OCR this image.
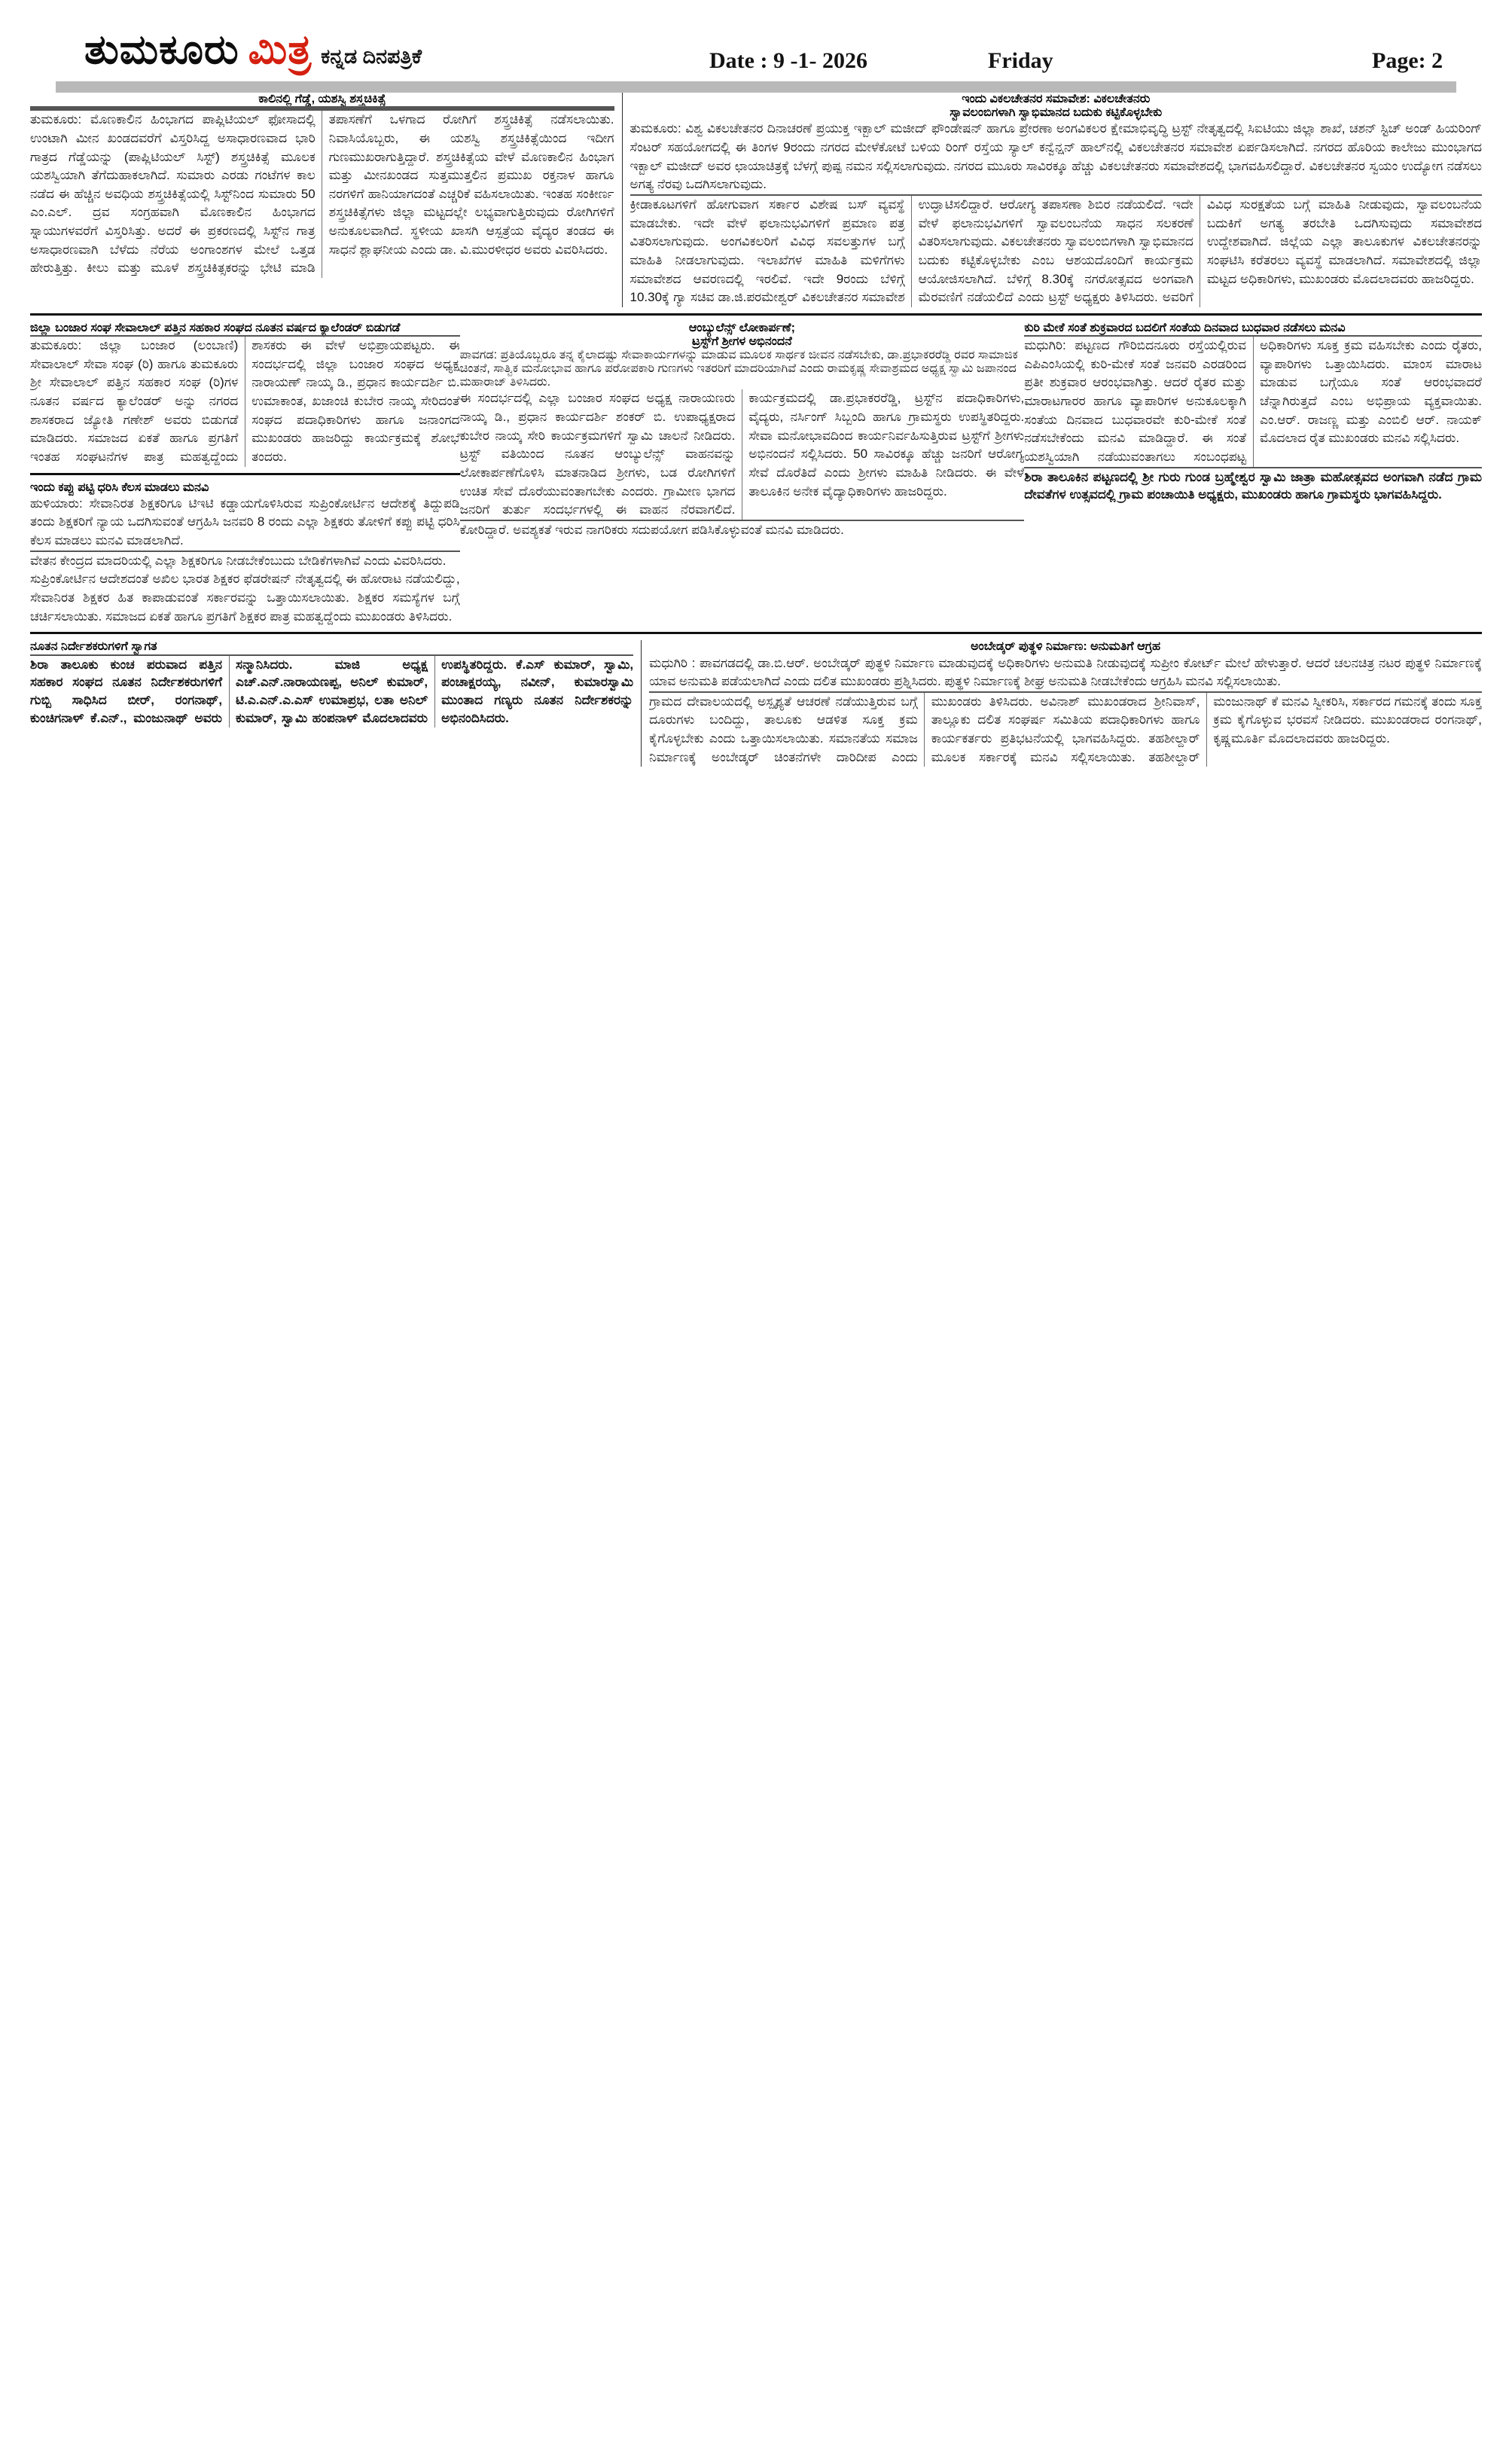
ತುಮಕೂರು ಮಿತ್ರ ಕನ್ನಡ ದಿನಪತ್ರಿಕೆ	Date : 9 -1- 2026	Friday	Page: 2
ಕಾಲಿನಲ್ಲಿ ಗೆಡ್ಡೆ, ಯಶಸ್ವಿ ಶಸ್ತ್ರಚಿಕಿತ್ಸೆ
ತುಮಕೂರು: ಮೊಣಕಾಲಿನ ಹಿಂಭಾಗದ ಪಾಪ್ಲಿಟಿಯಲ್ ಫೋಸಾದಲ್ಲಿ ಉಂಟಾಗಿ ಮೀನ ಖಂಡದವರೆಗೆ ವಿಸ್ತರಿಸಿದ್ದ ಅಸಾಧಾರಣವಾದ ಭಾರಿ ಗಾತ್ರದ ಗೆಡ್ಡೆಯನ್ನು (ಪಾಪ್ಲಿಟಿಯಲ್ ಸಿಸ್ಟ್) ಶಸ್ತ್ರಚಿಕಿತ್ಸೆ ಮೂಲಕ ಯಶಸ್ವಿಯಾಗಿ ತೆಗೆದುಹಾಕಲಾಗಿದೆ. ಸುಮಾರು ಎರಡು ಗಂಟೆಗಳ ಕಾಲ ನಡೆದ ಈ ಹೆಚ್ಚಿನ ಅವಧಿಯ ಶಸ್ತ್ರಚಿಕಿತ್ಸೆಯಲ್ಲಿ ಸಿಸ್ಟ್‌ನಿಂದ ಸುಮಾರು 50 ಎಂ.ಎಲ್. ದ್ರವ ಸಂಗ್ರಹವಾಗಿ ಮೊಣಕಾಲಿನ ಹಿಂಭಾಗದ ಸ್ನಾಯುಗಳವರೆಗೆ ವಿಸ್ತರಿಸಿತ್ತು. ಅದರೆ ಈ ಪ್ರಕರಣದಲ್ಲಿ ಸಿಸ್ಟ್‌ನ ಗಾತ್ರ ಅಸಾಧಾರಣವಾಗಿ ಬೆಳೆದು ನೆರೆಯ ಅಂಗಾಂಶಗಳ ಮೇಲೆ ಒತ್ತಡ ಹೇರುತ್ತಿತ್ತು. ಕೀಲು ಮತ್ತು ಮೂಳೆ ಶಸ್ತ್ರಚಿಕಿತ್ಸಕರನ್ನು ಭೇಟಿ ಮಾಡಿ ತಪಾಸಣೆಗೆ ಒಳಗಾದ ರೋಗಿಗೆ ಶಸ್ತ್ರಚಿಕಿತ್ಸೆ ನಡೆಸಲಾಯಿತು. ನಿವಾಸಿಯೊಬ್ಬರು, ಈ ಯಶಸ್ವಿ ಶಸ್ತ್ರಚಿಕಿತ್ಸೆಯಿಂದ ಇದೀಗ ಗುಣಮುಖರಾಗುತ್ತಿದ್ದಾರೆ. ಶಸ್ತ್ರಚಿಕಿತ್ಸೆಯ ವೇಳೆ ಮೊಣಕಾಲಿನ ಹಿಂಭಾಗ ಮತ್ತು ಮೀನಖಂಡದ ಸುತ್ತಮುತ್ತಲಿನ ಪ್ರಮುಖ ರಕ್ತನಾಳ ಹಾಗೂ ನರಗಳಿಗೆ ಹಾನಿಯಾಗದಂತೆ ಎಚ್ಚರಿಕೆ ವಹಿಸಲಾಯಿತು. ಇಂತಹ ಸಂಕೀರ್ಣ ಶಸ್ತ್ರಚಿಕಿತ್ಸೆಗಳು ಜಿಲ್ಲಾ ಮಟ್ಟದಲ್ಲೇ ಲಭ್ಯವಾಗುತ್ತಿರುವುದು ರೋಗಿಗಳಿಗೆ ಅನುಕೂಲವಾಗಿದೆ. ಸ್ಥಳೀಯ ಖಾಸಗಿ ಆಸ್ಪತ್ರೆಯ ವೈದ್ಯರ ತಂಡದ ಈ ಸಾಧನೆ ಶ್ಲಾಘನೀಯ ಎಂದು ಡಾ. ವಿ.ಮುರಳೀಧರ ಅವರು ವಿವರಿಸಿದರು.
ಇಂದು ವಿಕಲಚೇತನರ ಸಮಾವೇಶ: ವಿಕಲಚೇತನರು
ಸ್ವಾವಲಂಬಿಗಳಾಗಿ ಸ್ವಾಭಿಮಾನದ ಬದುಕು ಕಟ್ಟಿಕೊಳ್ಳಬೇಕು
ತುಮಕೂರು: ವಿಶ್ವ ವಿಕಲಚೇತನರ ದಿನಾಚರಣೆ ಪ್ರಯುಕ್ತ ಇಕ್ಬಾಲ್ ಮಜೀದ್ ಫೌಂಡೇಷನ್ ಹಾಗೂ ಪ್ರೇರಣಾ ಅಂಗವಿಕಲರ ಕ್ಷೇಮಾಭಿವೃದ್ಧಿ ಟ್ರಸ್ಟ್ ನೇತೃತ್ವದಲ್ಲಿ ಸಿಐಟಿಯು ಜಿಲ್ಲಾ ಶಾಖೆ, ಚಶನ್ ಸ್ಟಿಚ್ ಅಂಡ್ ಹಿಯರಿಂಗ್ ಸೆಂಟರ್ ಸಹಯೋಗದಲ್ಲಿ ಈ ತಿಂಗಳ 9ರಂದು ನಗರದ ಮೇಳೆಕೋಟೆ ಬಳಿಯ ರಿಂಗ್ ರಸ್ತೆಯ ಸ್ಯಾಲ್ ಕನ್ವೆನ್ಷನ್ ಹಾಲ್‌ನಲ್ಲಿ ವಿಕಲಚೇತನರ ಸಮಾವೇಶ ಏರ್ಪಡಿಸಲಾಗಿದೆ. ನಗರದ ಹೊರಿಯ ಕಾಲೇಜು ಮುಂಭಾಗದ ಇಕ್ಬಾಲ್ ಮಜೀದ್ ಅವರ ಛಾಯಾಚಿತ್ರಕ್ಕೆ ಬೆಳಗ್ಗೆ ಪುಷ್ಪ ನಮನ ಸಲ್ಲಿಸಲಾಗುವುದು. ನಗರದ ಮುೂರು ಸಾವಿರಕ್ಕೂ ಹೆಚ್ಚು ವಿಕಲಚೇತನರು ಸಮಾವೇಶದಲ್ಲಿ ಭಾಗವಹಿಸಲಿದ್ದಾರೆ. ವಿಕಲಚೇತನರ ಸ್ವಯಂ ಉದ್ಯೋಗ ನಡೆಸಲು ಅಗತ್ಯ ನೆರವು ಒದಗಿಸಲಾಗುವುದು.
ಕ್ರೀಡಾಕೂಟಗಳಿಗೆ ಹೋಗುವಾಗ ಸರ್ಕಾರ ವಿಶೇಷ ಬಸ್ ವ್ಯವಸ್ಥೆ ಮಾಡಬೇಕು. ಇದೇ ವೇಳೆ ಫಲಾನುಭವಿಗಳಿಗೆ ಪ್ರಮಾಣ ಪತ್ರ ವಿತರಿಸಲಾಗುವುದು. ಅಂಗವಿಕಲರಿಗೆ ವಿವಿಧ ಸವಲತ್ತುಗಳ ಬಗ್ಗೆ ಮಾಹಿತಿ ನೀಡಲಾಗುವುದು. ಇಲಾಖೆಗಳ ಮಾಹಿತಿ ಮಳಿಗೆಗಳು ಸಮಾವೇಶದ ಆವರಣದಲ್ಲಿ ಇರಲಿವೆ. ಇದೇ 9ರಂದು ಬೆಳಿಗ್ಗೆ 10.30ಕ್ಕೆ ಗ್ಯಾ ಸಚಿವ ಡಾ.ಜಿ.ಪರಮೇಶ್ವರ್ ವಿಕಲಚೇತನರ ಸಮಾವೇಶ ಉದ್ಘಾಟಿಸಲಿದ್ದಾರೆ. ಆರೋಗ್ಯ ತಪಾಸಣಾ ಶಿಬಿರ ನಡೆಯಲಿದೆ. ಇದೇ ವೇಳೆ ಫಲಾನುಭವಿಗಳಿಗೆ ಸ್ವಾವಲಂಬನೆಯ ಸಾಧನ ಸಲಕರಣೆ ವಿತರಿಸಲಾಗುವುದು. ವಿಕಲಚೇತನರು ಸ್ವಾವಲಂಬಿಗಳಾಗಿ ಸ್ವಾಭಿಮಾನದ ಬದುಕು ಕಟ್ಟಿಕೊಳ್ಳಬೇಕು ಎಂಬ ಆಶಯದೊಂದಿಗೆ ಕಾರ್ಯಕ್ರಮ ಆಯೋಜಿಸಲಾಗಿದೆ. ಬೆಳಿಗ್ಗೆ 8.30ಕ್ಕೆ ನಗರೋತ್ಸವದ ಅಂಗವಾಗಿ ಮೆರವಣಿಗೆ ನಡೆಯಲಿದೆ ಎಂದು ಟ್ರಸ್ಟ್ ಅಧ್ಯಕ್ಷರು ತಿಳಿಸಿದರು. ಅವರಿಗೆ ವಿವಿಧ ಸುರಕ್ಷತೆಯ ಬಗ್ಗೆ ಮಾಹಿತಿ ನೀಡುವುದು, ಸ್ವಾವಲಂಬನೆಯ ಬದುಕಿಗೆ ಅಗತ್ಯ ತರಬೇತಿ ಒದಗಿಸುವುದು ಸಮಾವೇಶದ ಉದ್ದೇಶವಾಗಿದೆ. ಜಿಲ್ಲೆಯ ಎಲ್ಲಾ ತಾಲೂಕುಗಳ ವಿಕಲಚೇತನರನ್ನು ಸಂಘಟಿಸಿ ಕರೆತರಲು ವ್ಯವಸ್ಥೆ ಮಾಡಲಾಗಿದೆ. ಸಮಾವೇಶದಲ್ಲಿ ಜಿಲ್ಲಾ ಮಟ್ಟದ ಅಧಿಕಾರಿಗಳು, ಮುಖಂಡರು ಮೊದಲಾದವರು ಹಾಜರಿದ್ದರು.
ಜಿಲ್ಲಾ ಬಂಜಾರ ಸಂಘ ಸೇವಾಲಾಲ್ ಪತ್ತಿನ ಸಹಕಾರ ಸಂಘದ ನೂತನ ವರ್ಷದ ಕ್ಯಾಲೆಂಡರ್ ಬಿಡುಗಡೆ
ತುಮಕೂರು: ಜಿಲ್ಲಾ ಬಂಜಾರ (ಲಂಬಾಣಿ) ಸೇವಾಲಾಲ್ ಸೇವಾ ಸಂಘ (ರಿ) ಹಾಗೂ ತುಮಕೂರು ಶ್ರೀ ಸೇವಾಲಾಲ್ ಪತ್ತಿನ ಸಹಕಾರ ಸಂಘ (ರಿ)ಗಳ ನೂತನ ವರ್ಷದ ಕ್ಯಾಲೆಂಡರ್ ಅನ್ನು ನಗರದ ಶಾಸಕರಾದ ಜ್ಯೋತಿ ಗಣೇಶ್ ಅವರು ಬಿಡುಗಡೆ ಮಾಡಿದರು. ಸಮಾಜದ ಏಕತೆ ಹಾಗೂ ಪ್ರಗತಿಗೆ ಇಂತಹ ಸಂಘಟನೆಗಳ ಪಾತ್ರ ಮಹತ್ವದ್ದೆಂದು ಶಾಸಕರು ಈ ವೇಳೆ ಅಭಿಪ್ರಾಯಪಟ್ಟರು. ಈ ಸಂದರ್ಭದಲ್ಲಿ ಜಿಲ್ಲಾ ಬಂಜಾರ ಸಂಘದ ಅಧ್ಯಕ್ಷ ನಾರಾಯಣ್ ನಾಯ್ಕ ಡಿ., ಪ್ರಧಾನ ಕಾರ್ಯದರ್ಶಿ ಬಿ. ಉಮಾಕಾಂತ, ಖಜಾಂಚಿ ಕುಬೇರ ನಾಯ್ಕ ಸೇರಿದಂತೆ ಸಂಘದ ಪದಾಧಿಕಾರಿಗಳು ಹಾಗೂ ಜನಾಂಗದ ಮುಖಂಡರು ಹಾಜರಿದ್ದು ಕಾರ್ಯಕ್ರಮಕ್ಕೆ ಶೋಭೆ ತಂದರು.
ಇಂದು ಕಪ್ಪು ಪಟ್ಟಿ ಧರಿಸಿ ಕೆಲಸ ಮಾಡಲು ಮನವಿ
ಹುಳಿಯಾರು: ಸೇವಾನಿರತ ಶಿಕ್ಷಕರಿಗೂ ಟಿಇಟಿ ಕಡ್ಡಾಯಗೊಳಿಸಿರುವ ಸುಪ್ರಿಂಕೋರ್ಟಿನ ಆದೇಶಕ್ಕೆ ತಿದ್ದುಪಡಿ ತಂದು ಶಿಕ್ಷಕರಿಗೆ ನ್ಯಾಯ ಒದಗಿಸುವಂತೆ ಆಗ್ರಹಿಸಿ ಜನವರಿ 8 ರಂದು ಎಲ್ಲಾ ಶಿಕ್ಷಕರು ತೋಳಿಗೆ ಕಪ್ಪು ಪಟ್ಟಿ ಧರಿಸಿ ಕೆಲಸ ಮಾಡಲು ಮನವಿ ಮಾಡಲಾಗಿದೆ.
ವೇತನ ಕೇಂದ್ರದ ಮಾದರಿಯಲ್ಲಿ ಎಲ್ಲಾ ಶಿಕ್ಷಕರಿಗೂ ನೀಡಬೇಕೆಂಬುದು ಬೇಡಿಕೆಗಳಾಗಿವೆ ಎಂದು ವಿವರಿಸಿದರು.
ಸುಪ್ರಿಂಕೋರ್ಟಿನ ಆದೇಶದಂತೆ ಅಖಿಲ ಭಾರತ ಶಿಕ್ಷಕರ ಫೆಡರೇಷನ್ ನೇತೃತ್ವದಲ್ಲಿ ಈ ಹೋರಾಟ ನಡೆಯಲಿದ್ದು, ಸೇವಾನಿರತ ಶಿಕ್ಷಕರ ಹಿತ ಕಾಪಾಡುವಂತೆ ಸರ್ಕಾರವನ್ನು ಒತ್ತಾಯಿಸಲಾಯಿತು. ಶಿಕ್ಷಕರ ಸಮಸ್ಯೆಗಳ ಬಗ್ಗೆ ಚರ್ಚಿಸಲಾಯಿತು. ಸಮಾಜದ ಏಕತೆ ಹಾಗೂ ಪ್ರಗತಿಗೆ ಶಿಕ್ಷಕರ ಪಾತ್ರ ಮಹತ್ವದ್ದೆಂದು ಮುಖಂಡರು ತಿಳಿಸಿದರು.
ಆಂಬ್ಯುಲೆನ್ಸ್ ಲೋಕಾರ್ಪಣೆ;
ಟ್ರಸ್ಟ್‌ಗೆ ಶ್ರೀಗಳ ಅಭಿನಂದನೆ
ಪಾವಗಡ: ಪ್ರತಿಯೊಬ್ಬರೂ ತನ್ನ ಕೈಲಾದಷ್ಟು ಸೇವಾಕಾರ್ಯಗಳನ್ನು ಮಾಡುವ ಮೂಲಕ ಸಾರ್ಥಕ ಜೀವನ ನಡೆಸಬೇಕು, ಡಾ.ಪ್ರಭಾಕರರೆಡ್ಡಿ ರವರ ಸಾಮಾಜಿಕ ಚಿಂತನೆ, ಸಾತ್ವಿಕ ಮನೋಭಾವ ಹಾಗೂ ಪರೋಪಕಾರಿ ಗುಣಗಳು ಇತರರಿಗೆ ಮಾದರಿಯಾಗಿವೆ ಎಂದು ರಾಮಕೃಷ್ಣ ಸೇವಾಶ್ರಮದ ಅಧ್ಯಕ್ಷ ಸ್ವಾಮಿ ಜಪಾನಂದ ಮಹಾರಾಜ್ ತಿಳಿಸಿದರು.
ಈ ಸಂದರ್ಭದಲ್ಲಿ ಎಲ್ಲಾ ಬಂಜಾರ ಸಂಘದ ಅಧ್ಯಕ್ಷ ನಾರಾಯಣರು ನಾಯ್ಕ ಡಿ., ಪ್ರಧಾನ ಕಾರ್ಯದರ್ಶಿ ಶಂಕರ್ ಬಿ. ಉಪಾಧ್ಯಕ್ಷರಾದ ಕುಬೇರ ನಾಯ್ಕ ಸೇರಿ ಕಾರ್ಯಕ್ರಮಗಳಿಗೆ ಸ್ವಾಮಿ ಚಾಲನೆ ನೀಡಿದರು. ಟ್ರಸ್ಟ್ ವತಿಯಿಂದ ನೂತನ ಆಂಬ್ಯುಲೆನ್ಸ್ ವಾಹನವನ್ನು ಲೋಕಾರ್ಪಣೆಗೊಳಿಸಿ ಮಾತನಾಡಿದ ಶ್ರೀಗಳು, ಬಡ ರೋಗಿಗಳಿಗೆ ಉಚಿತ ಸೇವೆ ದೊರೆಯುವಂತಾಗಬೇಕು ಎಂದರು. ಗ್ರಾಮೀಣ ಭಾಗದ ಜನರಿಗೆ ತುರ್ತು ಸಂದರ್ಭಗಳಲ್ಲಿ ಈ ವಾಹನ ನೆರವಾಗಲಿದೆ. ಕಾರ್ಯಕ್ರಮದಲ್ಲಿ ಡಾ.ಪ್ರಭಾಕರರೆಡ್ಡಿ, ಟ್ರಸ್ಟ್‌ನ ಪದಾಧಿಕಾರಿಗಳು, ವೈದ್ಯರು, ನರ್ಸಿಂಗ್ ಸಿಬ್ಬಂದಿ ಹಾಗೂ ಗ್ರಾಮಸ್ಥರು ಉಪಸ್ಥಿತರಿದ್ದರು. ಸೇವಾ ಮನೋಭಾವದಿಂದ ಕಾರ್ಯನಿರ್ವಹಿಸುತ್ತಿರುವ ಟ್ರಸ್ಟ್‌ಗೆ ಶ್ರೀಗಳು ಅಭಿನಂದನೆ ಸಲ್ಲಿಸಿದರು. 50 ಸಾವಿರಕ್ಕೂ ಹೆಚ್ಚು ಜನರಿಗೆ ಆರೋಗ್ಯ ಸೇವೆ ದೊರೆತಿದೆ ಎಂದು ಶ್ರೀಗಳು ಮಾಹಿತಿ ನೀಡಿದರು. ಈ ವೇಳೆ ತಾಲೂಕಿನ ಅನೇಕ ವೈದ್ಯಾಧಿಕಾರಿಗಳು ಹಾಜರಿದ್ದರು.
ಕೋರಿದ್ದಾರೆ. ಅವಶ್ಯಕತೆ ಇರುವ ನಾಗರಿಕರು ಸದುಪಯೋಗ ಪಡಿಸಿಕೊಳ್ಳುವಂತೆ ಮನವಿ ಮಾಡಿದರು.
ಕುರಿ ಮೇಕೆ ಸಂತೆ ಶುಕ್ರವಾರದ ಬದಲಿಗೆ ಸಂತೆಯ ದಿನವಾದ ಬುಧವಾರ ನಡೆಸಲು ಮನವಿ
ಮಧುಗಿರಿ: ಪಟ್ಟಣದ ಗೌರಿಬಿದನೂರು ರಸ್ತೆಯಲ್ಲಿರುವ ಎಪಿಎಂಸಿಯಲ್ಲಿ ಕುರಿ-ಮೇಕೆ ಸಂತೆ ಜನವರಿ ಎರಡರಿಂದ ಪ್ರತೀ ಶುಕ್ರವಾರ ಆರಂಭವಾಗಿತ್ತು. ಆದರೆ ರೈತರ ಮತ್ತು ಮಾರಾಟಗಾರರ ಹಾಗೂ ವ್ಯಾಪಾರಿಗಳ ಅನುಕೂಲಕ್ಕಾಗಿ ಸಂತೆಯ ದಿನವಾದ ಬುಧವಾರವೇ ಕುರಿ-ಮೇಕೆ ಸಂತೆ ನಡೆಸಬೇಕೆಂದು ಮನವಿ ಮಾಡಿದ್ದಾರೆ. ಈ ಸಂತೆ ಯಶಸ್ವಿಯಾಗಿ ನಡೆಯುವಂತಾಗಲು ಸಂಬಂಧಪಟ್ಟ ಅಧಿಕಾರಿಗಳು ಸೂಕ್ತ ಕ್ರಮ ವಹಿಸಬೇಕು ಎಂದು ರೈತರು, ವ್ಯಾಪಾರಿಗಳು ಒತ್ತಾಯಿಸಿದರು. ಮಾಂಸ ಮಾರಾಟ ಮಾಡುವ ಬಗ್ಗೆಯೂ ಸಂತೆ ಆರಂಭವಾದರೆ ಚೆನ್ನಾಗಿರುತ್ತದೆ ಎಂಬ ಅಭಿಪ್ರಾಯ ವ್ಯಕ್ತವಾಯಿತು. ಎಂ.ಆರ್. ರಾಜಣ್ಣ ಮತ್ತು ಎಂಬಿಲಿ ಆರ್. ನಾಯಕ್ ಮೊದಲಾದ ರೈತ ಮುಖಂಡರು ಮನವಿ ಸಲ್ಲಿಸಿದರು.
ಶಿರಾ ತಾಲೂಕಿನ ಪಟ್ಟಣದಲ್ಲಿ ಶ್ರೀ ಗುರು ಗುಂಡ ಬ್ರಹ್ಮೇಶ್ವರ ಸ್ವಾಮಿ ಜಾತ್ರಾ ಮಹೋತ್ಸವದ ಅಂಗವಾಗಿ ನಡೆದ ಗ್ರಾಮ ದೇವತೆಗಳ ಉತ್ಸವದಲ್ಲಿ ಗ್ರಾಮ ಪಂಚಾಯಿತಿ ಅಧ್ಯಕ್ಷರು, ಮುಖಂಡರು ಹಾಗೂ ಗ್ರಾಮಸ್ಥರು ಭಾಗವಹಿಸಿದ್ದರು.
ನೂತನ ನಿರ್ದೇಶಕರುಗಳಿಗೆ ಸ್ವಾಗತ
ಶಿರಾ ತಾಲೂಕು ಕುಂಚ ಪರುವಾದ ಪತ್ತಿನ ಸಹಕಾರ ಸಂಘದ ನೂತನ ನಿರ್ದೇಶಕರುಗಳಿಗೆ ಗುಬ್ಬಿ ಸಾಧಿಸಿದ ಬೀರ್, ರಂಗನಾಥ್, ಕುಂಚಿಗನಾಳ್ ಕೆ.ಎನ್., ಮಂಜುನಾಥ್ ಅವರು ಸನ್ಮಾನಿಸಿದರು.	ಮಾಜಿ ಅಧ್ಯಕ್ಷ ಎಚ್.ಎನ್.ನಾರಾಯಣಪ್ಪ, ಅನಿಲ್ ಕುಮಾರ್, ಟಿ.ಎ.ಎನ್.ಎ.ಎಸ್ ಉಮಾಪ್ರಭ, ಲತಾ ಅನಿಲ್ ಕುಮಾರ್, ಸ್ವಾಮಿ ಹಂಪನಾಳ್ ಮೊದಲಾದವರು ಉಪಸ್ಥಿತರಿದ್ದರು. ಕೆ.ಎಸ್ ಕುಮಾರ್, ಸ್ವಾಮಿ, ಪಂಚಾಕ್ಷರಯ್ಯ, ನವೀನ್, ಕುಮಾರಸ್ವಾಮಿ ಮುಂತಾದ ಗಣ್ಯರು ನೂತನ ನಿರ್ದೇಶಕರನ್ನು ಅಭಿನಂದಿಸಿದರು.
ಅಂಬೇಡ್ಕರ್ ಪುತ್ಥಳಿ ನಿರ್ಮಾಣ: ಅನುಮತಿಗೆ ಆಗ್ರಹ
ಮಧುಗಿರಿ : ಪಾವಗಡದಲ್ಲಿ ಡಾ.ಬಿ.ಆರ್. ಅಂಬೇಡ್ಕರ್ ಪುತ್ಥಳಿ ನಿರ್ಮಾಣ ಮಾಡುವುದಕ್ಕೆ ಅಧಿಕಾರಿಗಳು ಅನುಮತಿ ನೀಡುವುದಕ್ಕೆ ಸುಪ್ರೀಂ ಕೋರ್ಟ್ ಮೇಲೆ ಹೇಳುತ್ತಾರೆ. ಆದರೆ ಚಲನಚಿತ್ರ ನಟರ ಪುತ್ಥಳಿ ನಿರ್ಮಾಣಕ್ಕೆ ಯಾವ ಅನುಮತಿ ಪಡೆಯಲಾಗಿದೆ ಎಂದು ದಲಿತ ಮುಖಂಡರು ಪ್ರಶ್ನಿಸಿದರು. ಪುತ್ಥಳಿ ನಿರ್ಮಾಣಕ್ಕೆ ಶೀಘ್ರ ಅನುಮತಿ ನೀಡಬೇಕೆಂದು ಆಗ್ರಹಿಸಿ ಮನವಿ ಸಲ್ಲಿಸಲಾಯಿತು.
ಗ್ರಾಮದ ದೇವಾಲಯದಲ್ಲಿ ಅಸ್ಪೃಶ್ಯತೆ ಆಚರಣೆ ನಡೆಯುತ್ತಿರುವ ಬಗ್ಗೆ ದೂರುಗಳು ಬಂದಿದ್ದು, ತಾಲೂಕು ಆಡಳಿತ ಸೂಕ್ತ ಕ್ರಮ ಕೈಗೊಳ್ಳಬೇಕು ಎಂದು ಒತ್ತಾಯಿಸಲಾಯಿತು. ಸಮಾನತೆಯ ಸಮಾಜ ನಿರ್ಮಾಣಕ್ಕೆ ಅಂಬೇಡ್ಕರ್ ಚಿಂತನೆಗಳೇ ದಾರಿದೀಪ ಎಂದು ಮುಖಂಡರು ತಿಳಿಸಿದರು. ಅವಿನಾಶ್ ಮುಖಂಡರಾದ ಶ್ರೀನಿವಾಸ್, ತಾಲ್ಲೂಕು ದಲಿತ ಸಂಘರ್ಷ ಸಮಿತಿಯ ಪದಾಧಿಕಾರಿಗಳು ಹಾಗೂ ಕಾರ್ಯಕರ್ತರು ಪ್ರತಿಭಟನೆಯಲ್ಲಿ ಭಾಗವಹಿಸಿದ್ದರು. ತಹಶೀಲ್ದಾರ್ ಮೂಲಕ ಸರ್ಕಾರಕ್ಕೆ ಮನವಿ ಸಲ್ಲಿಸಲಾಯಿತು. ತಹಶೀಲ್ದಾರ್ ಮಂಜುನಾಥ್ ಕೆ ಮನವಿ ಸ್ವೀಕರಿಸಿ, ಸರ್ಕಾರದ ಗಮನಕ್ಕೆ ತಂದು ಸೂಕ್ತ ಕ್ರಮ ಕೈಗೊಳ್ಳುವ ಭರವಸೆ ನೀಡಿದರು. ಮುಖಂಡರಾದ ರಂಗನಾಥ್, ಕೃಷ್ಣಮೂರ್ತಿ ಮೊದಲಾದವರು ಹಾಜರಿದ್ದರು.
